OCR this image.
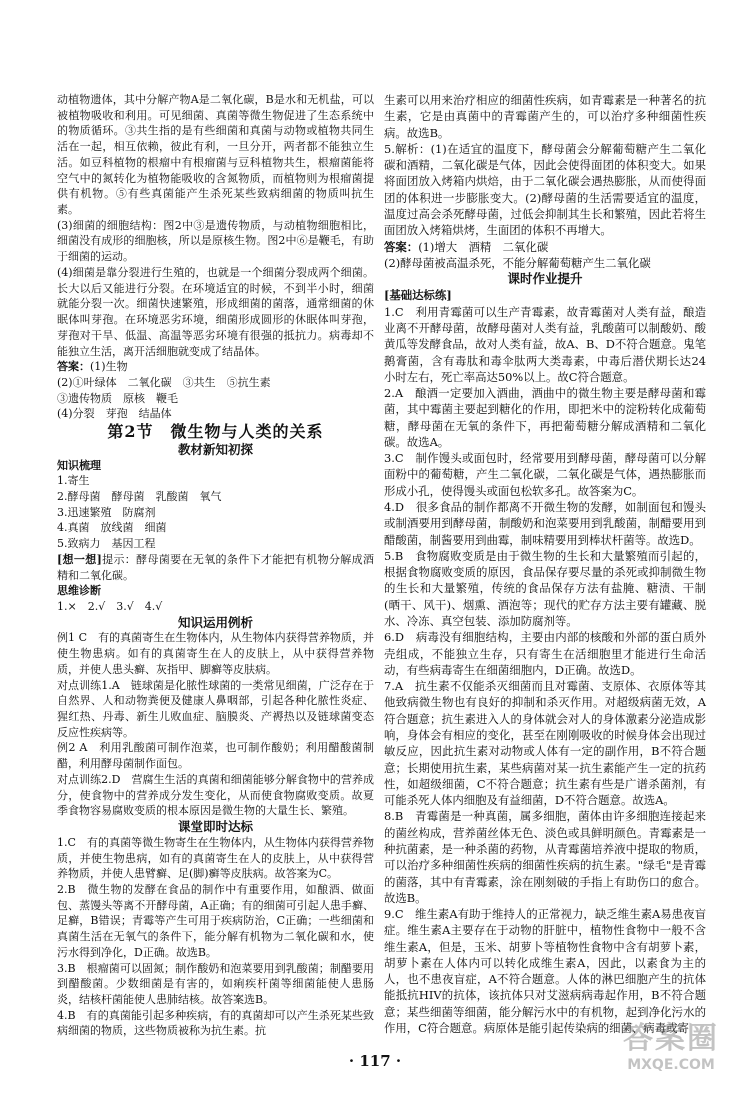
动植物遗体，其中分解产物A是二氧化碳，B是水和无机盐，可以被植物吸收和利用。可见细菌、真菌等微生物促进了生态系统中的物质循环。③共生指的是有些细菌和真菌与动物或植物共同生活在一起，相互依赖，彼此有利，一旦分开，两者都不能独立生活。如豆科植物的根瘤中有根瘤菌与豆科植物共生，根瘤菌能将空气中的氮转化为植物能吸收的含氮物质，而植物则为根瘤菌提供有机物。⑤有些真菌能产生杀死某些致病细菌的物质叫抗生素。

(3)细菌的细胞结构：图2中③是遗传物质，与动植物细胞相比，细菌没有成形的细胞核，所以是原核生物。图2中⑥是鞭毛，有助于细菌的运动。

(4)细菌是靠分裂进行生殖的，也就是一个细菌分裂成两个细菌。长大以后又能进行分裂。在环境适宜的时候，不到半小时，细菌就能分裂一次。细菌快速繁殖，形成细菌的菌落，通常细菌的休眠体叫芽孢。在环境恶劣环境，细菌形成圆形的休眠体叫芽孢，芽孢对干旱、低温、高温等恶劣环境有很强的抵抗力。病毒却不能独立生活，离开活细胞就变成了结晶体。

答案：(1)生物

(2)①叶绿体　二氧化碳　③共生　⑤抗生素

③遗传物质　原核　鞭毛

(4)分裂　芽孢　结晶体

第2节　微生物与人类的关系
教材新知初探
知识梳理

1.寄生

2.酵母菌　酵母菌　乳酸菌　氧气

3.迅速繁殖　防腐剂

4.真菌　放线菌　细菌

5.致病力　基因工程

[想一想]提示：酵母菌要在无氧的条件下才能把有机物分解成酒精和二氧化碳。

思维诊断

1.×　2.√　3.√　4.√

知识运用例析

例1 C　有的真菌寄生在生物体内，从生物体内获得营养物质，并使生物患病。如有的真菌寄生在人的皮肤上，从中获得营养物质，并使人患头癣、灰指甲、脚癣等皮肤病。

对点训练1.A　链球菌是化脓性球菌的一类常见细菌，广泛存在于自然界、人和动物粪便及健康人鼻咽部，引起各种化脓性炎症、猩红热、丹毒、新生儿败血症、脑膜炎、产褥热以及链球菌变态反应性疾病等。

例2 A　利用乳酸菌可制作泡菜，也可制作酸奶；利用醋酸菌制醋，利用酵母菌制作面包。

对点训练2.D　营腐生生活的真菌和细菌能够分解食物中的营养成分，使食物中的营养成分发生变化，从而使食物腐败变质。故夏季食物容易腐败变质的根本原因是微生物的大量生长、繁殖。

课堂即时达标

1.C　有的真菌等微生物寄生在生物体内，从生物体内获得营养物质，并使生物患病，如有的真菌寄生在人的皮肤上，从中获得营养物质，并使人患臂癣、足(脚)癣等皮肤病。故答案为C。

2.B　微生物的发酵在食品的制作中有重要作用，如酿酒、做面包、蒸馒头等离不开酵母菌，A正确；有的细菌可引起人患手癣、足癣，B错误；青霉等产生可用于疾病防治，C正确；一些细菌和真菌生活在无氧气的条件下，能分解有机物为二氧化碳和水，使污水得到净化，D正确。故选B。

3.B　根瘤菌可以固氮；制作酸奶和泡菜要用到乳酸菌；制醋要用到醋酸菌。少数细菌是有害的，如痢疾杆菌等细菌能使人患肠炎，结核杆菌能使人患肺结核。故答案选B。

4.B　有的真菌能引起多种疾病，有的真菌却可以产生杀死某些致病细菌的物质，这些物质被称为抗生素。抗

生素可以用来治疗相应的细菌性疾病，如青霉素是一种著名的抗生素，它是由真菌中的青霉菌产生的，可以治疗多种细菌性疾病。故选B。

5.解析：(1)在适宜的温度下，酵母菌会分解葡萄糖产生二氧化碳和酒精，二氧化碳是气体，因此会使得面团的体积变大。如果将面团放入烤箱内烘焙，由于二氧化碳会遇热膨胀，从而使得面团的体积进一步膨胀变大。(2)酵母菌的生活需要适宜的温度，温度过高会杀死酵母菌，过低会抑制其生长和繁殖，因此若将生面团放入烤箱烘烤，生面团的体积不再增大。

答案：(1)增大　酒精　二氧化碳

(2)酵母菌被高温杀死，不能分解葡萄糖产生二氧化碳

课时作业提升
[基础达标练]

1.C　利用青霉菌可以生产青霉素，故青霉菌对人类有益，酿造业离不开酵母菌，故酵母菌对人类有益，乳酸菌可以制酸奶、酸黄瓜等发酵食品，故对人类有益，故A、B、D不符合题意。鬼笔鹅膏菌，含有毒肽和毒伞肽两大类毒素，中毒后潜伏期长达24小时左右，死亡率高达50%以上。故C符合题意。

2.A　酿酒一定要加入酒曲，酒曲中的微生物主要是酵母菌和霉菌，其中霉菌主要起到糖化的作用，即把米中的淀粉转化成葡萄糖，酵母菌在无氧的条件下，再把葡萄糖分解成酒精和二氧化碳。故选A。

3.C　制作馒头或面包时，经常要用到酵母菌，酵母菌可以分解面粉中的葡萄糖，产生二氧化碳，二氧化碳是气体，遇热膨胀而形成小孔，使得馒头或面包松软多孔。故答案为C。

4.D　很多食品的制作都离不开微生物的发酵，如制面包和馒头或制酒要用到酵母菌，制酸奶和泡菜要用到乳酸菌，制醋要用到醋酸菌，制酱要用到曲霉，制味精要用到棒状杆菌等。故选D。

5.B　食物腐败变质是由于微生物的生长和大量繁殖而引起的，根据食物腐败变质的原因，食品保存要尽量的杀死或抑制微生物的生长和大量繁殖，传统的食品保存方法有盐腌、糖渍、干制(晒干、风干)、烟熏、酒泡等；现代的贮存方法主要有罐藏、脱水、冷冻、真空包装、添加防腐剂等。

6.D　病毒没有细胞结构，主要由内部的核酸和外部的蛋白质外壳组成，不能独立生存，只有寄生在活细胞里才能进行生命活动，有些病毒寄生在细菌细胞内，D正确。故选D。

7.A　抗生素不仅能杀灭细菌而且对霉菌、支原体、衣原体等其他致病微生物也有良好的抑制和杀灭作用。对超级病菌无效，A符合题意；抗生素进入人的身体就会对人的身体激素分泌造成影响，身体会有相应的变化，甚至在刚刚吸收的时候身体会出现过敏反应，因此抗生素对动物或人体有一定的副作用，B不符合题意；长期使用抗生素，某些病菌对某一抗生素能产生一定的抗药性，如超级细菌，C不符合题意；抗生素有些是广谱杀菌剂，有可能杀死人体内细胞及有益细菌，D不符合题意。故选A。

8.B　青霉菌是一种真菌，属多细胞，菌体由许多细胞连接起来的菌丝构成，营养菌丝体无色、淡色或具鲜明颜色。青霉素是一种抗菌素，是一种杀菌的药物，从青霉菌培养液中提取的物质，可以治疗多种细菌性疾病的细菌性疾病的抗生素。"绿毛"是青霉的菌落，其中有青霉素，涂在刚刻破的手指上有助伤口的愈合。故选B。

9.C　维生素A有助于维持人的正常视力，缺乏维生素A易患夜盲症。维生素A主要存在于动物的肝脏中，植物性食物中一般不含维生素A，但是，玉米、胡萝卜等植物性食物中含有胡萝卜素，胡萝卜素在人体内可以转化成维生素A，因此，以素食为主的人，也不患夜盲症，A不符合题意。人体的淋巴细胞产生的抗体能抵抗HIV的抗体，该抗体只对艾滋病病毒起作用，B不符合题意；某些细菌等细菌，能分解污水中的有机物，起到净化污水的作用，C符合题意。病原体是能引起传染病的细菌、病毒或寄

· 117 ·
答案圈
MXQE.COM
